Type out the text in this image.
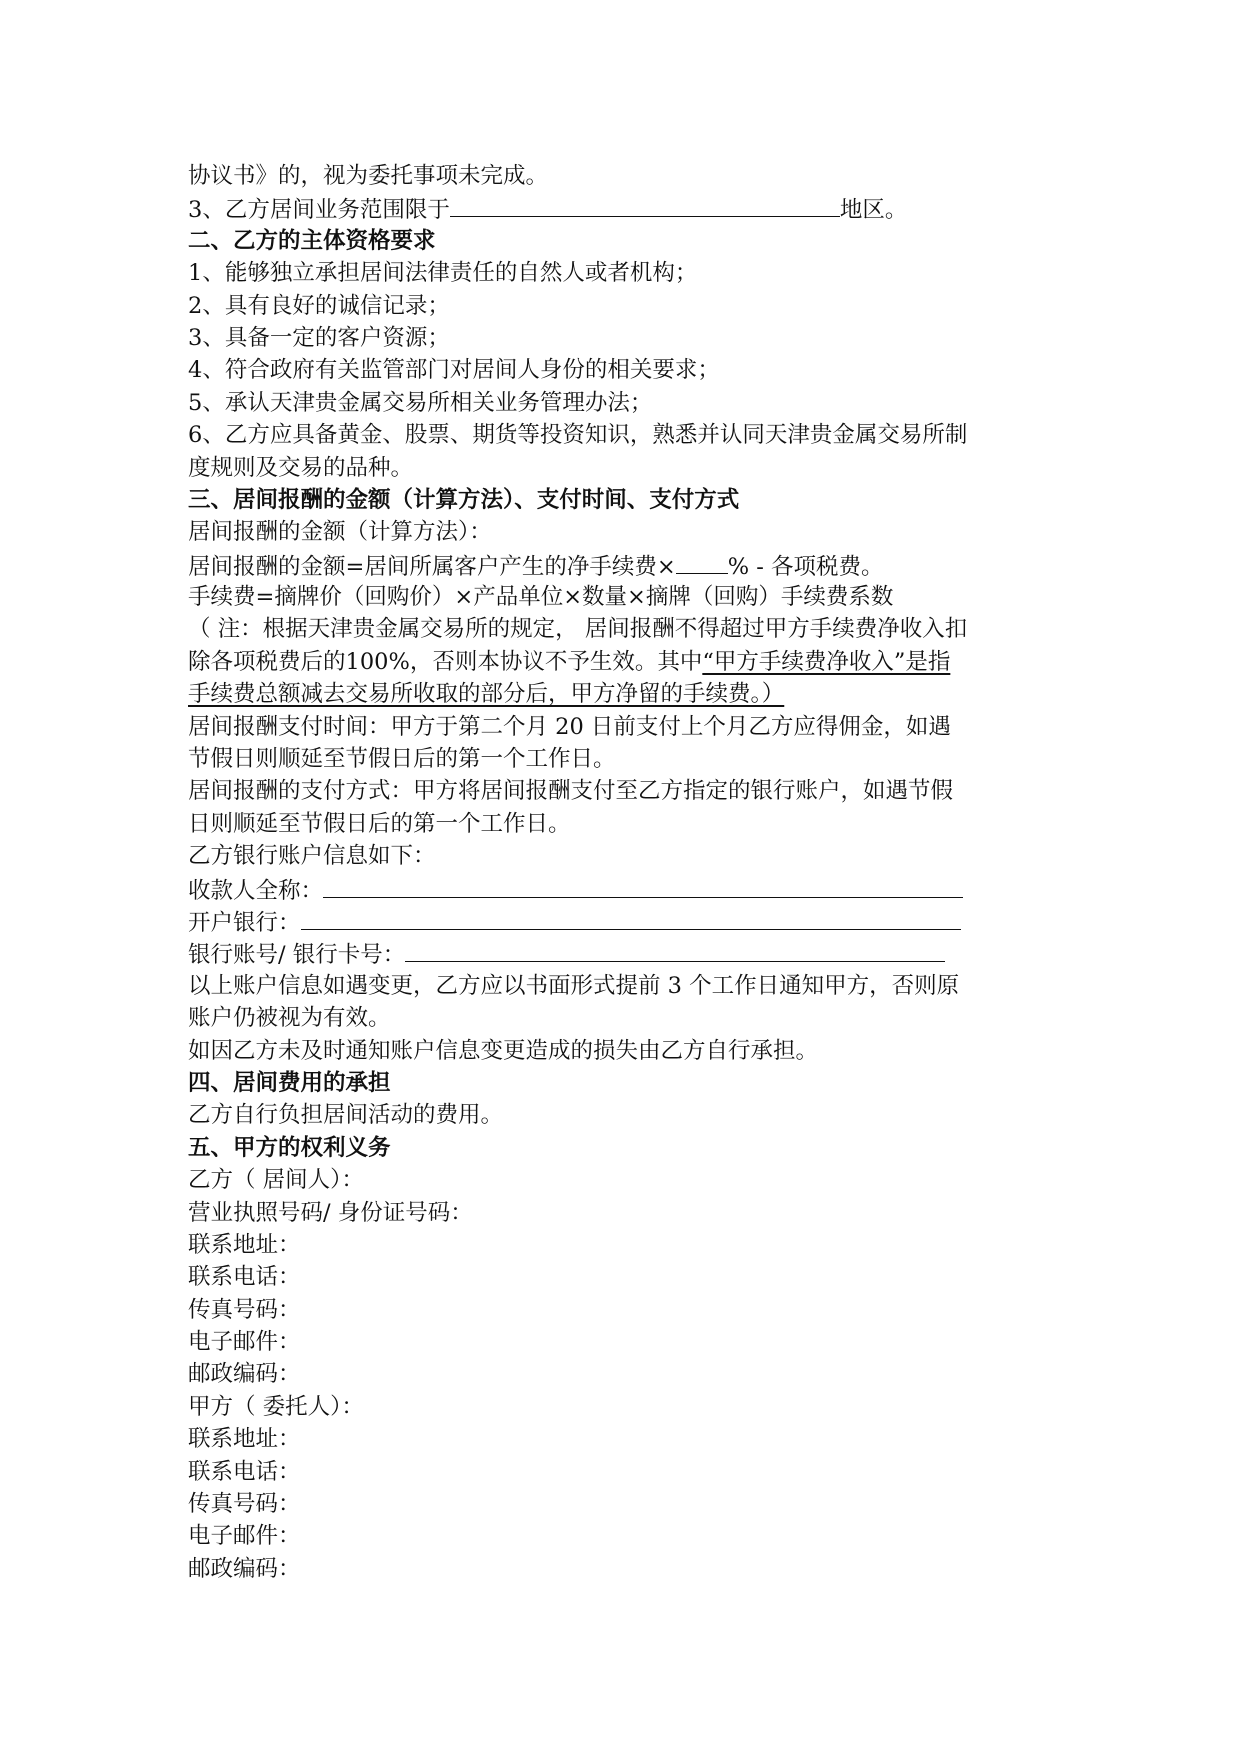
协议书》的，视为委托事项未完成。
3、乙方居间业务范围限于	地区。
二、乙方的主体资格要求
1、能够独立承担居间法律责任的自然人或者机构；
2、具有良好的诚信记录；
3、具备一定的客户资源；
4、符合政府有关监管部门对居间人身份的相关要求；
5、承认天津贵金属交易所相关业务管理办法；
6、乙方应具备黄金、股票、期货等投资知识，熟悉并认同天津贵金属交易所制
度规则及交易的品种。
三、居间报酬的金额（计算方法）、支付时间、支付方式
居间报酬的金额（计算方法）：
居间报酬的金额=居间所属客户产生的净手续费× % - 各项税费。
手续费=摘牌价（回购价）×产品单位×数量×摘牌（回购）手续费系数
（ 注：根据天津贵金属交易所的规定， 居间报酬不得超过甲方手续费净收入扣
除各项税费后的100%，否则本协议不予生效。其中“甲方手续费净收入”是指
手续费总额减去交易所收取的部分后，甲方净留的手续费。）
居间报酬支付时间：甲方于第二个月 20 日前支付上个月乙方应得佣金，如遇
节假日则顺延至节假日后的第一个工作日。
居间报酬的支付方式：甲方将居间报酬支付至乙方指定的银行账户，如遇节假
日则顺延至节假日后的第一个工作日。
乙方银行账户信息如下：
收款人全称：
开户银行：
银行账号/ 银行卡号：
以上账户信息如遇变更，乙方应以书面形式提前 3 个工作日通知甲方，否则原
账户仍被视为有效。
如因乙方未及时通知账户信息变更造成的损失由乙方自行承担。
四、居间费用的承担
乙方自行负担居间活动的费用。
五、甲方的权利义务
乙方（ 居间人）：
营业执照号码/ 身份证号码：
联系地址：
联系电话：
传真号码：
电子邮件：
邮政编码：
甲方（ 委托人）：
联系地址：
联系电话：
传真号码：
电子邮件：
邮政编码：
